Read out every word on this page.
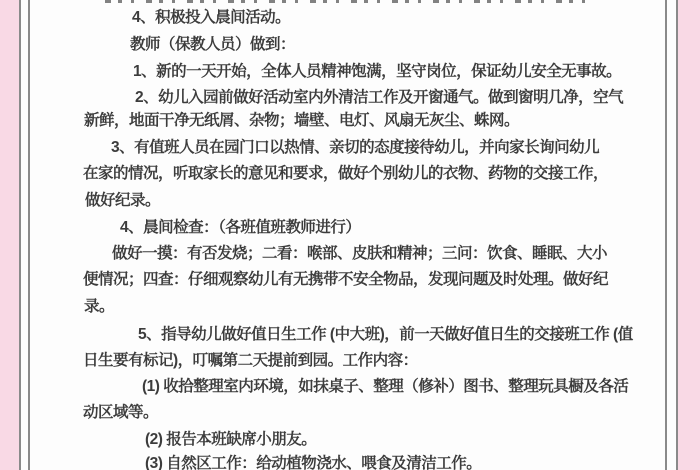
4、积极投入晨间活动。
教师（保教人员）做到：
1、新的一天开始，全体人员精神饱满，坚守岗位，保证幼儿安全无事故。
2、幼儿入园前做好活动室内外清洁工作及开窗通气。做到窗明几净，空气
新鲜，地面干净无纸屑、杂物；墙壁、电灯、风扇无灰尘、蛛网。
3、有值班人员在园门口以热情、亲切的态度接待幼儿，并向家长询问幼儿
在家的情况，听取家长的意见和要求，做好个别幼儿的衣物、药物的交接工作，
做好纪录。
4、晨间检查：（各班值班教师进行）
做好一摸：有否发烧；二看：喉部、皮肤和精神；三问：饮食、睡眠、大小
便情况；四查：仔细观察幼儿有无携带不安全物品，发现问题及时处理。做好纪
录。
5、指导幼儿做好值日生工作 (中大班)，前一天做好值日生的交接班工作 (值
日生要有标记)，叮嘱第二天提前到园。工作内容：
(1) 收拾整理室内环境，如抹桌子、整理（修补）图书、整理玩具橱及各活
动区域等。
(2) 报告本班缺席小朋友。
(3) 自然区工作：给动植物浇水、喂食及清洁工作。
